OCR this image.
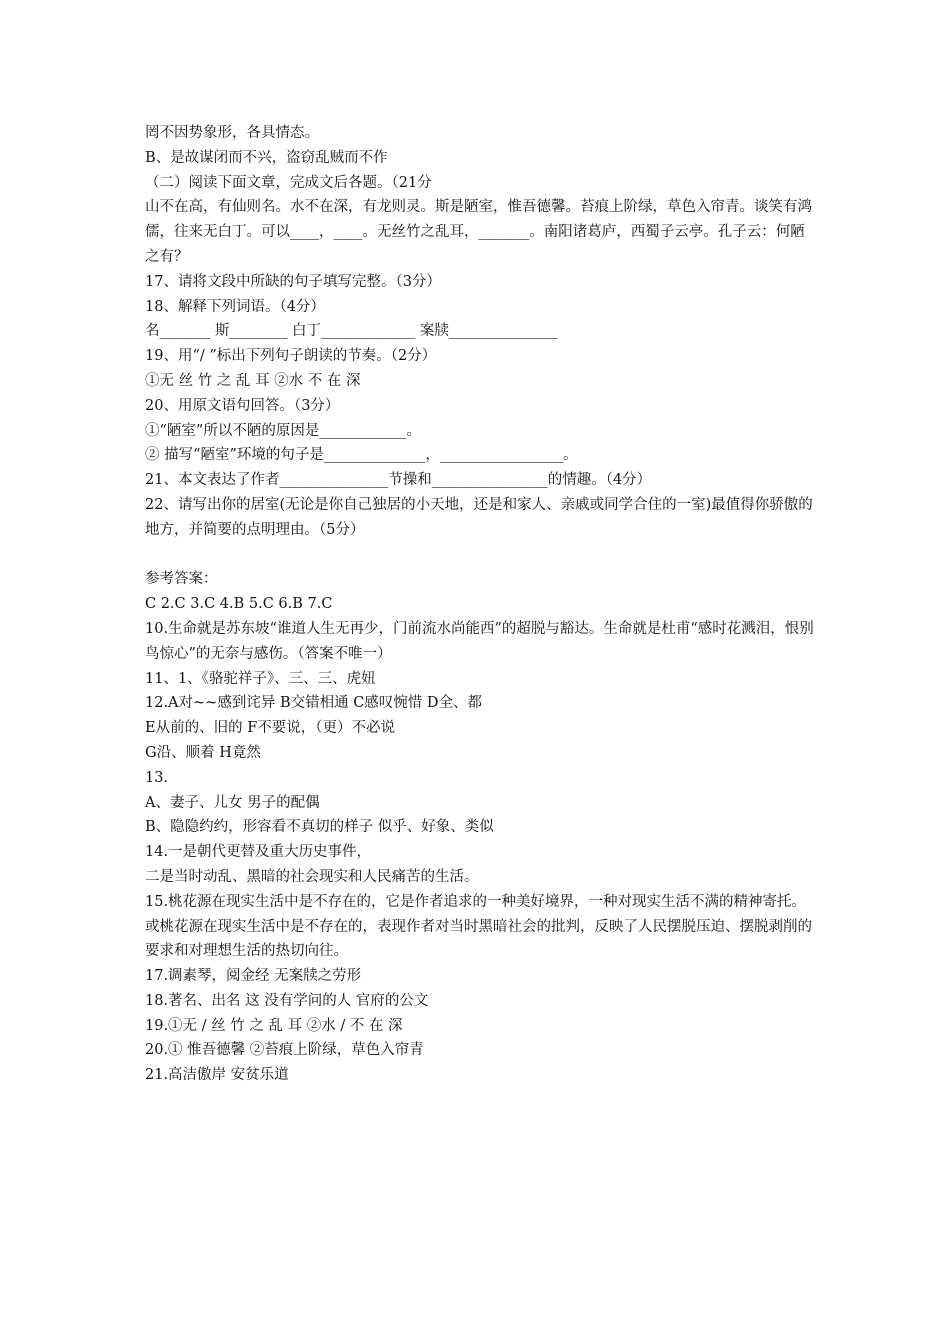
罔不因势象形，各具情态。
B、是故谋闭而不兴，盗窃乱贼而不作
（二）阅读下面文章，完成文后各题。（21分
山不在高，有仙则名。水不在深，有龙则灵。斯是陋室，惟吾德馨。苔痕上阶绿，草色入帘青。谈笑有鸿儒，往来无白丁。可以____，____。无丝竹之乱耳，_______。南阳诸葛庐，西蜀子云亭。孔子云：何陋之有？
17、请将文段中所缺的句子填写完整。（3分）
18、解释下列词语。（4分）
名_______ 斯________ 白丁_____________ 案牍_______________
19、用“/ ”标出下列句子朗读的节奏。（2分）
①无 丝 竹 之 乱 耳 ②水 不 在 深
20、用原文语句回答。（3分）
①“陋室”所以不陋的原因是____________。
② 描写“陋室”环境的句子是______________，_________________。
21、本文表达了作者_______________节操和________________的情趣。（4分）
22、请写出你的居室(无论是你自己独居的小天地，还是和家人、亲戚或同学合住的一室)最值得你骄傲的地方，并简要的点明理由。（5分）
参考答案：
C 2.C 3.C 4.B 5.C 6.B 7.C
10.生命就是苏东坡“谁道人生无再少，门前流水尚能西”的超脱与豁达。生命就是杜甫“感时花溅泪，恨别鸟惊心”的无奈与感伤。（答案不唯一）
11、1、《骆驼祥子》、三、三、虎妞
12.A对~~感到诧异 B交错相通 C感叹惋惜 D全、都
E从前的、旧的 F不要说，（更）不必说
G沿、顺着 H竟然
13.
A、妻子、儿女 男子的配偶
B、隐隐约约，形容看不真切的样子 似乎、好象、类似
14.一是朝代更替及重大历史事件，
二是当时动乱、黑暗的社会现实和人民痛苦的生活。
15.桃花源在现实生活中是不存在的，它是作者追求的一种美好境界，一种对现实生活不满的精神寄托。或桃花源在现实生活中是不存在的，表现作者对当时黑暗社会的批判，反映了人民摆脱压迫、摆脱剥削的要求和对理想生活的热切向往。
17.调素琴，阅金经 无案牍之劳形
18.著名、出名 这 没有学问的人 官府的公文
19.①无 / 丝 竹 之 乱 耳 ②水 / 不 在 深
20.① 惟吾德馨 ②苔痕上阶绿，草色入帘青
21.高洁傲岸 安贫乐道
